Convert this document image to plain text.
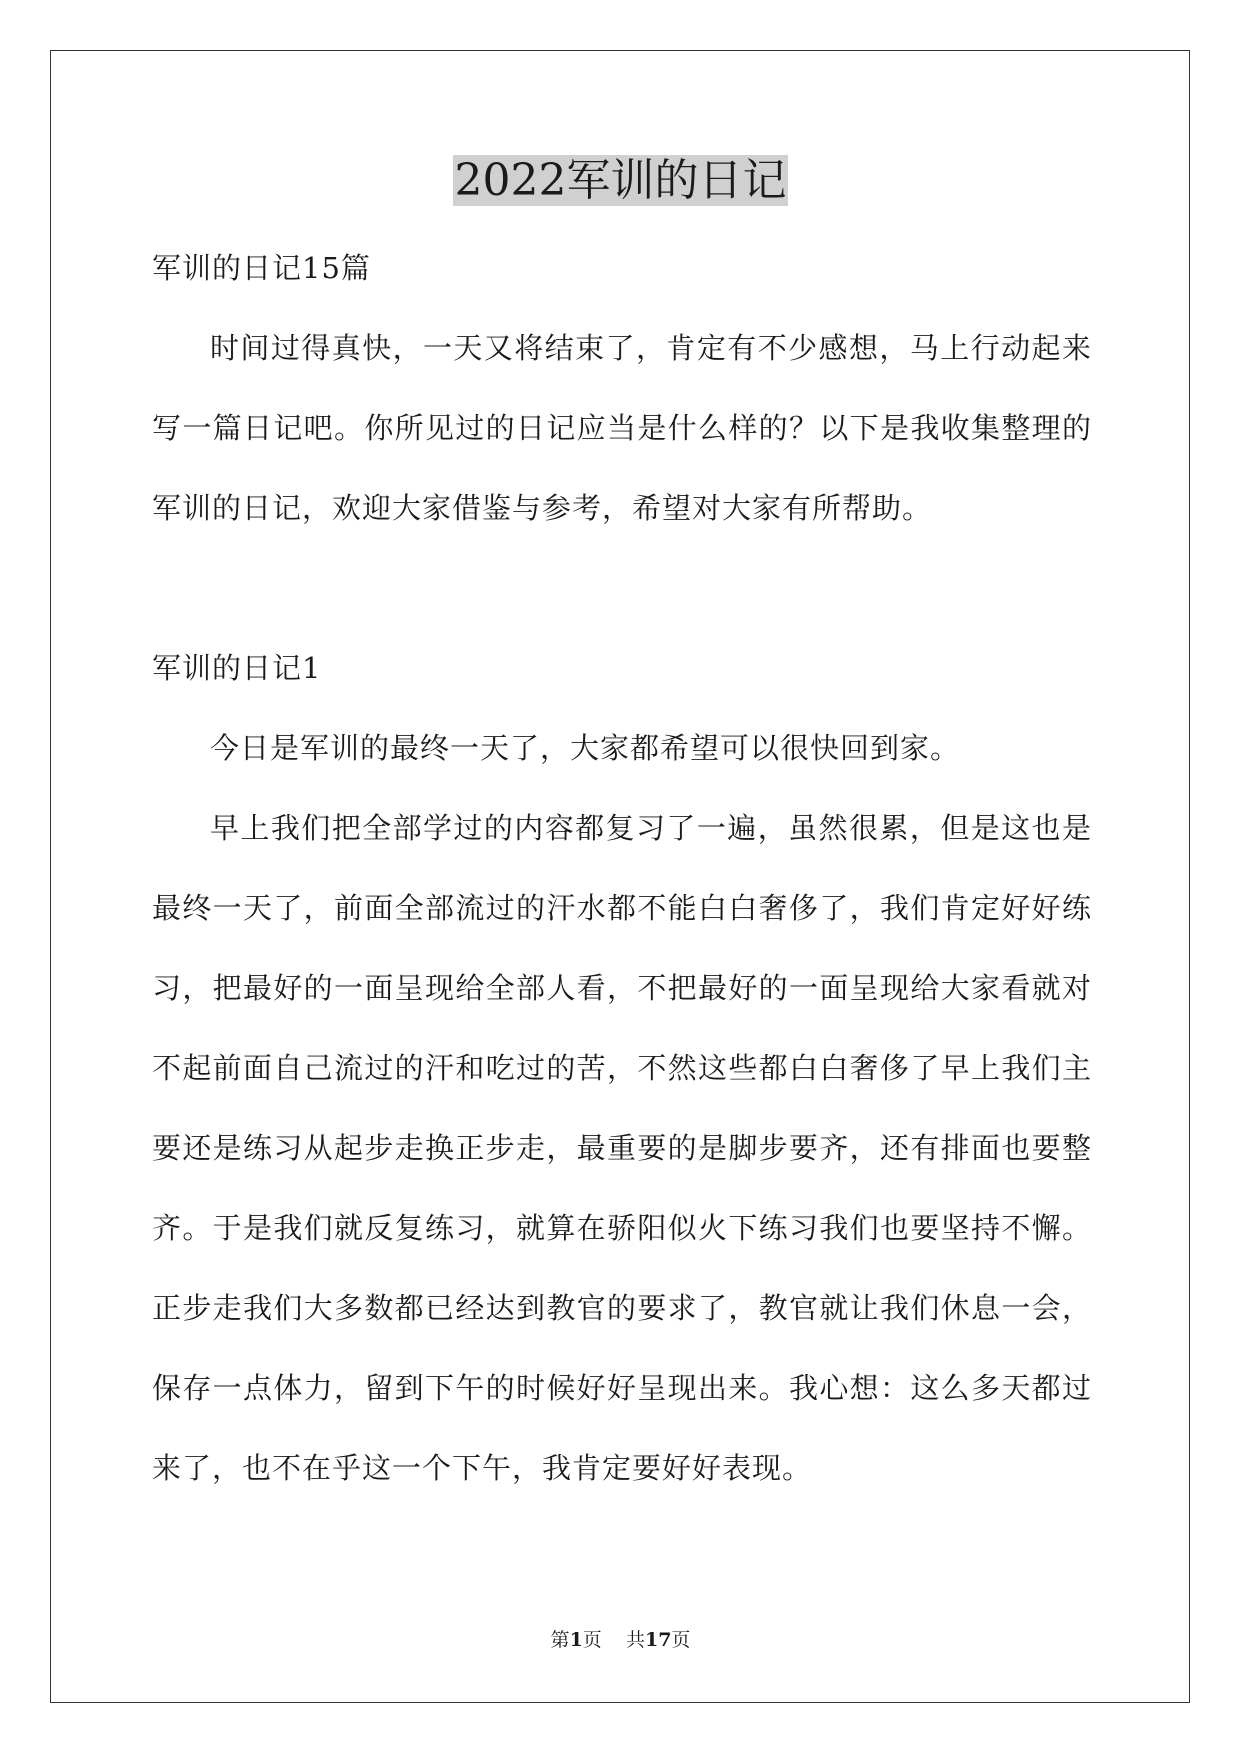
2022军训的日记

军训的日记15篇

时间过得真快，一天又将结束了，肯定有不少感想，马上行动起来写一篇日记吧。你所见过的日记应当是什么样的？以下是我收集整理的军训的日记，欢迎大家借鉴与参考，希望对大家有所帮助。

军训的日记1

今日是军训的最终一天了，大家都希望可以很快回到家。

早上我们把全部学过的内容都复习了一遍，虽然很累，但是这也是最终一天了，前面全部流过的汗水都不能白白奢侈了，我们肯定好好练习，把最好的一面呈现给全部人看，不把最好的一面呈现给大家看就对不起前面自己流过的汗和吃过的苦，不然这些都白白奢侈了早上我们主要还是练习从起步走换正步走，最重要的是脚步要齐，还有排面也要整齐。于是我们就反复练习，就算在骄阳似火下练习我们也要坚持不懈。正步走我们大多数都已经达到教官的要求了，教官就让我们休息一会，保存一点体力，留到下午的时候好好呈现出来。我心想：这么多天都过来了，也不在乎这一个下午，我肯定要好好表现。

第1页    共17页
